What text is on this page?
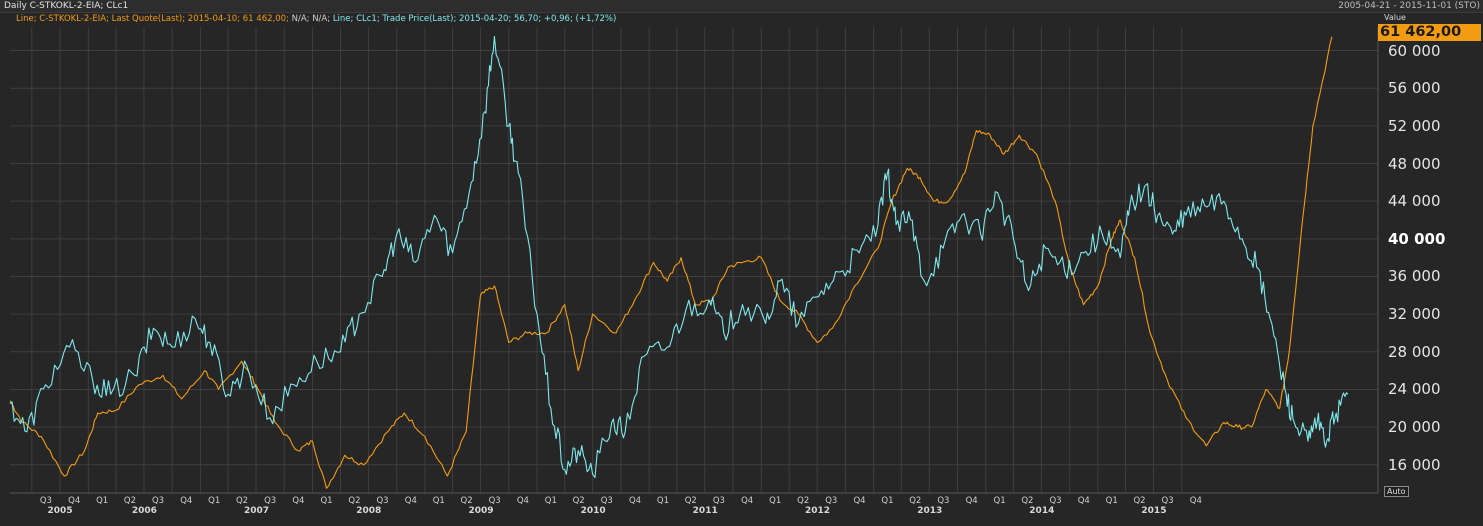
Daily C-STKOKL-2-EIA; CLc1	2005-04-21 - 2015-11-01 (STO)
Line; C-STKOKL-2-EIA; Last Quote(Last); 2015-04-10; 61 462,00; N/A; N/A; Line; CLc1; Trade Price(Last); 2015-04-20; 56,70; +0,96; (+1,72%)	Value
61 462,00
60 000
56 000
52 000
48 000
44 000
40 000
36 000
32 000
28 000
24 000
20 000
16 000
Q3 Q4 Q1 Q2 Q3 Q4 Q1 Q2 Q3 Q4 Q1 Q2 Q3 Q4 Q1 Q2 Q3 Q4 Q1 Q2 Q3 Q4 Q1 Q2 Q3 Q4 Q1 Q2 Q3 Q4 Q1 Q2 Q3 Q4 Q1 Q2 Q3 Q4 Q1 Q2 Q3 Q4
2005	2006	2007	2008	2009	2010	2011	2012	2013	2014	2015
Auto
